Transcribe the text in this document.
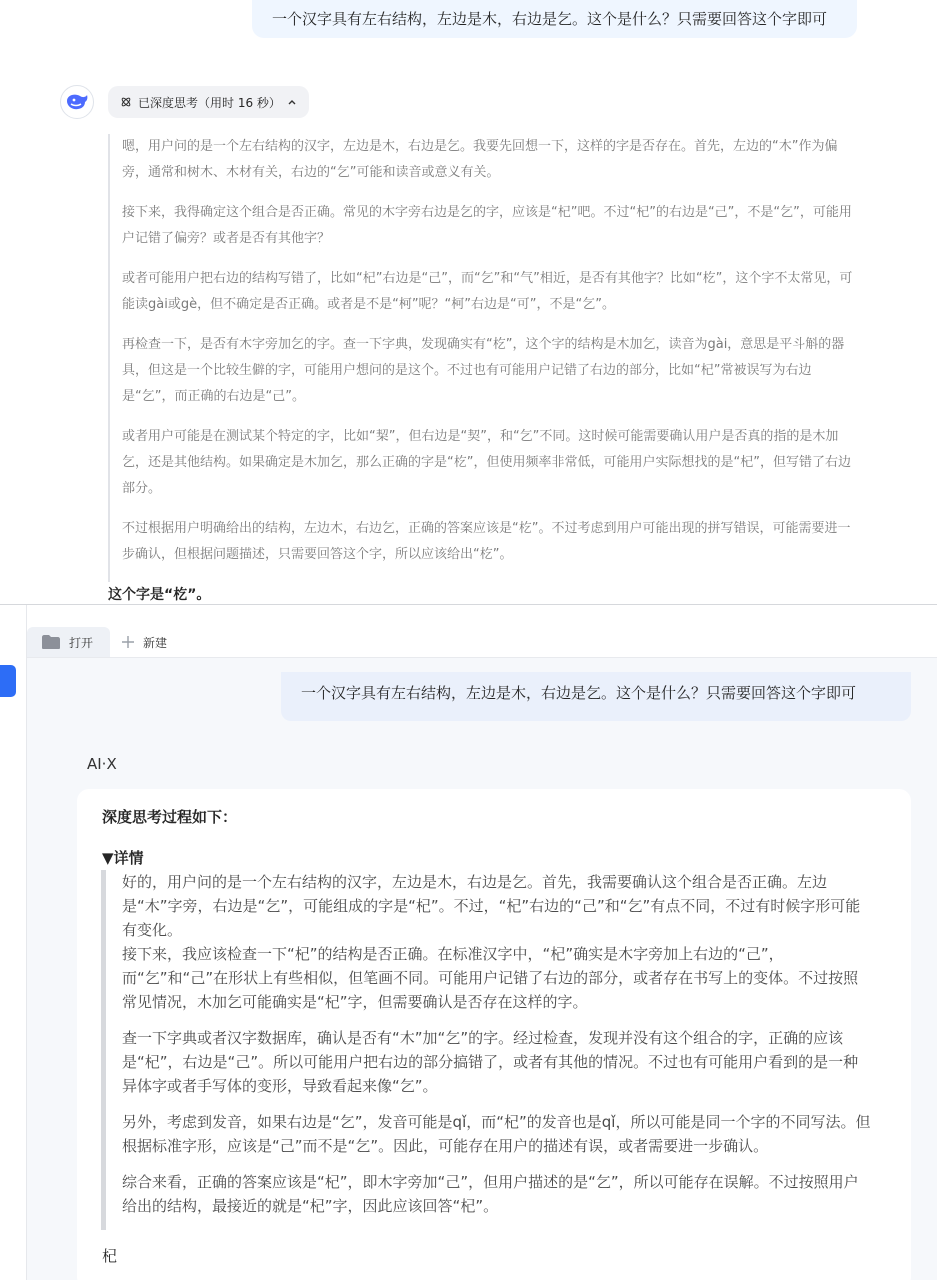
一个汉字具有左右结构，左边是木，右边是乞。这个是什么？只需要回答这个字即可
已深度思考（用时 16 秒）

嗯，用户问的是一个左右结构的汉字，左边是木，右边是乞。我要先回想一下，这样的字是否存在。首先，左边的“木”作为偏旁，通常和树木、木材有关，右边的“乞”可能和读音或意义有关。

接下来，我得确定这个组合是否正确。常见的木字旁右边是乞的字，应该是“杞”吧。不过“杞”的右边是“己”，不是“乞”，可能用户记错了偏旁？或者是否有其他字？

或者可能用户把右边的结构写错了，比如“杞”右边是“己”，而“乞”和“气”相近，是否有其他字？比如“杚”，这个字不太常见，可能读gài或gè，但不确定是否正确。或者是不是“柯”呢？“柯”右边是“可”，不是“乞”。

再检查一下，是否有木字旁加乞的字。查一下字典，发现确实有“杚”，这个字的结构是木加乞，读音为gài，意思是平斗斛的器具，但这是一个比较生僻的字，可能用户想问的是这个。不过也有可能用户记错了右边的部分，比如“杞”常被误写为右边是“乞”，而正确的右边是“己”。

或者用户可能是在测试某个特定的字，比如“栔”，但右边是“契”，和“乞”不同。这时候可能需要确认用户是否真的指的是木加乞，还是其他结构。如果确定是木加乞，那么正确的字是“杚”，但使用频率非常低，可能用户实际想找的是“杞”，但写错了右边部分。

不过根据用户明确给出的结构，左边木，右边乞，正确的答案应该是“杚”。不过考虑到用户可能出现的拼写错误，可能需要进一步确认，但根据问题描述，只需要回答这个字，所以应该给出“杚”。

这个字是“杚”。
打开	新建
一个汉字具有左右结构，左边是木，右边是乞。这个是什么？只需要回答这个字即可
AI·X
深度思考过程如下：
▼详情

好的，用户问的是一个左右结构的汉字，左边是木，右边是乞。首先，我需要确认这个组合是否正确。左边是“木”字旁，右边是“乞”，可能组成的字是“杞”。不过，“杞”右边的“己”和“乞”有点不同，不过有时候字形可能有变化。
接下来，我应该检查一下“杞”的结构是否正确。在标准汉字中，“杞”确实是木字旁加上右边的“己”，而“乞”和“己”在形状上有些相似，但笔画不同。可能用户记错了右边的部分，或者存在书写上的变体。不过按照常见情况，木加乞可能确实是“杞”字，但需要确认是否存在这样的字。

查一下字典或者汉字数据库，确认是否有“木”加“乞”的字。经过检查，发现并没有这个组合的字，正确的应该是“杞”，右边是“己”。所以可能用户把右边的部分搞错了，或者有其他的情况。不过也有可能用户看到的是一种异体字或者手写体的变形，导致看起来像“乞”。

另外，考虑到发音，如果右边是“乞”，发音可能是qǐ，而“杞”的发音也是qǐ，所以可能是同一个字的不同写法。但根据标准字形，应该是“己”而不是“乞”。因此，可能存在用户的描述有误，或者需要进一步确认。

综合来看，正确的答案应该是“杞”，即木字旁加“己”，但用户描述的是“乞”，所以可能存在误解。不过按照用户给出的结构，最接近的就是“杞”字，因此应该回答“杞”。

杞
